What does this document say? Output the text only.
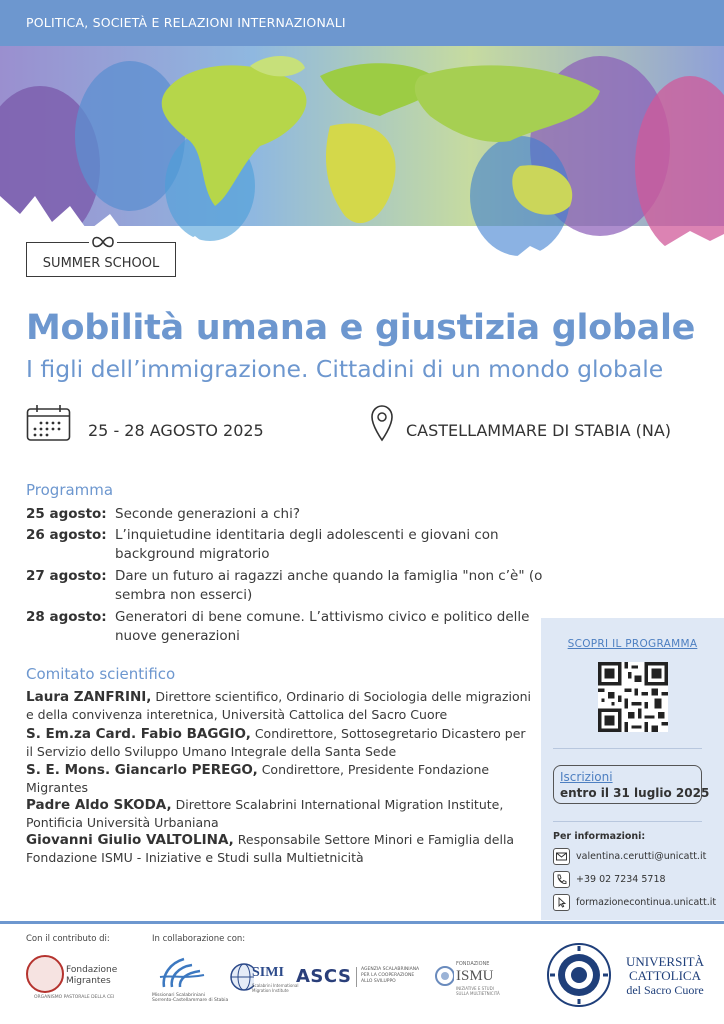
POLITICA, SOCIETÀ E RELAZIONI INTERNAZIONALI
SUMMER SCHOOL
Mobilità umana e giustizia globale
I figli dell’immigrazione. Cittadini di un mondo globale
25 - 28 AGOSTO 2025	CASTELLAMMARE DI STABIA (NA)
Programma
25 agosto: Seconde generazioni a chi?
26 agosto: L’inquietudine identitaria degli adolescenti e giovani con background migratorio
27 agosto: Dare un futuro ai ragazzi anche quando la famiglia "non c’è" (o sembra non esserci)
28 agosto: Generatori di bene comune. L’attivismo civico e politico delle nuove generazioni
Comitato scientifico
Laura ZANFRINI, Direttore scientifico, Ordinario di Sociologia delle migrazioni e della convivenza interetnica, Università Cattolica del Sacro Cuore
S. Em.za Card. Fabio BAGGIO, Condirettore, Sottosegretario Dicastero per il Servizio dello Sviluppo Umano Integrale della Santa Sede
S. E. Mons. Giancarlo PEREGO, Condirettore, Presidente Fondazione Migrantes
Padre Aldo SKODA, Direttore Scalabrini International Migration Institute, Pontificia Università Urbaniana
Giovanni Giulio VALTOLINA, Responsabile Settore Minori e Famiglia della Fondazione ISMU - Iniziative e Studi sulla Multietnicità
SCOPRI IL PROGRAMMA
Iscrizioni
entro il 31 luglio 2025
Per informazioni:
valentina.cerutti@unicatt.it
+39 02 7234 5718
formazionecontinua.unicatt.it
Con il contributo di:	In collaborazione con:
Fondazione
Migrantes
ORGANISMO PASTORALE DELLA CEI	Missionari Scalabriniani
Sorrento-Castellammare di Stabia
SIMI
Scalabrini International
Migration Institute
ASCS AGENZIA SCALABRINIANA
PER LA COOPERAZIONE
ALLO SVILUPPO
FONDAZIONE
ISMU
INIZIATIVE E STUDI
SULLA MULTIETNICITÀ
UNIVERSITÀ
CATTOLICA
del Sacro Cuore
